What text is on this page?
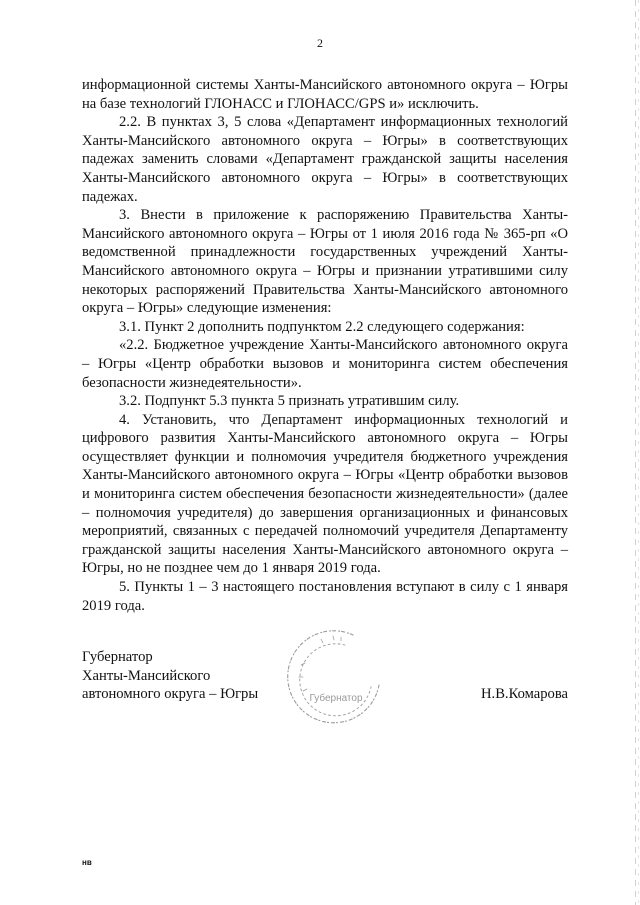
2

информационной системы Ханты-Мансийского автономного округа – Югры на базе технологий ГЛОНАСС и ГЛОНАСС/GPS и» исключить.

2.2. В пунктах 3, 5 слова «Департамент информационных технологий Ханты-Мансийского автономного округа – Югры» в соответствующих падежах заменить словами «Департамент гражданской защиты населения Ханты-Мансийского автономного округа – Югры» в соответствующих падежах.

3. Внести в приложение к распоряжению Правительства Ханты-Мансийского автономного округа – Югры от 1 июля 2016 года № 365-рп «О ведомственной принадлежности государственных учреждений Ханты-Мансийского автономного округа – Югры и признании утратившими силу некоторых распоряжений Правительства Ханты-Мансийского автономного округа – Югры» следующие изменения:

3.1. Пункт 2 дополнить подпунктом 2.2 следующего содержания:

«2.2. Бюджетное учреждение Ханты-Мансийского автономного округа – Югры «Центр обработки вызовов и мониторинга систем обеспечения безопасности жизнедеятельности».

3.2. Подпункт 5.3 пункта 5 признать утратившим силу.

4. Установить, что Департамент информационных технологий и цифрового развития Ханты-Мансийского автономного округа – Югры осуществляет функции и полномочия учредителя бюджетного учреждения Ханты-Мансийского автономного округа – Югры «Центр обработки вызовов и мониторинга систем обеспечения безопасности жизнедеятельности» (далее – полномочия учредителя) до завершения организационных и финансовых мероприятий, связанных с передачей полномочий учредителя Департаменту гражданской защиты населения Ханты-Мансийского автономного округа – Югры, но не позднее чем до 1 января 2019 года.

5. Пункты 1 – 3 настоящего постановления вступают в силу с 1 января 2019 года.

Губернатор
Ханты-Мансийского
автономного округа – Югры	Н.В.Комарова

Губернатор

нв
